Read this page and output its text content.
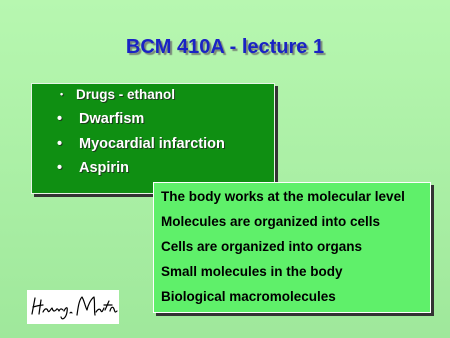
BCM 410A - lecture 1
• Drugs - ethanol
• Dwarfism
• Myocardial infarction
• Aspirin
The body works at the molecular level
Molecules are organized into cells
Cells are organized into organs
Small molecules in the body
Biological macromolecules
